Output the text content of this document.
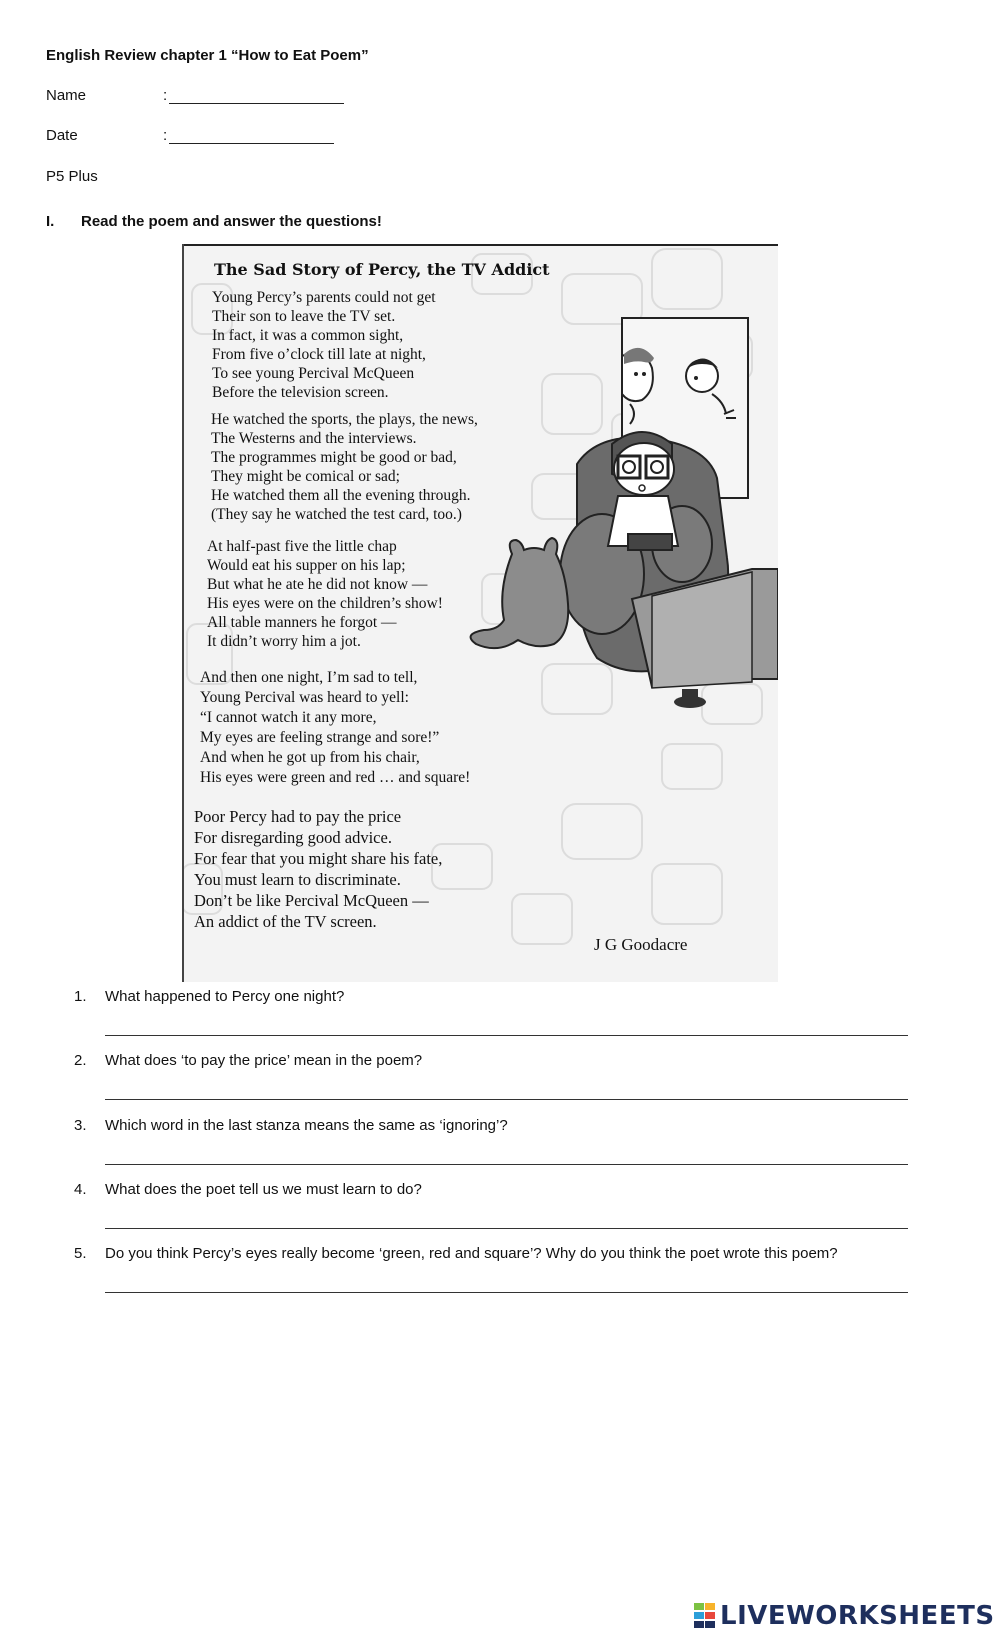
English Review chapter 1 “How to Eat Poem”
Name	:
Date	:
P5 Plus
I. Read the poem and answer the questions!
The Sad Story of Percy, the TV Addict
Young Percy’s parents could not get
Their son to leave the TV set.
In fact, it was a common sight,
From five o’clock till late at night,
To see young Percival McQueen
Before the television screen.
He watched the sports, the plays, the news,
The Westerns and the interviews.
The programmes might be good or bad,
They might be comical or sad;
He watched them all the evening through.
(They say he watched the test card, too.)
At half-past five the little chap
Would eat his supper on his lap;
But what he ate he did not know —
His eyes were on the children’s show!
All table manners he forgot —
It didn’t worry him a jot.
And then one night, I’m sad to tell,
Young Percival was heard to yell:
“I cannot watch it any more,
My eyes are feeling strange and sore!”
And when he got up from his chair,
His eyes were green and red … and square!
Poor Percy had to pay the price
For disregarding good advice.
For fear that you might share his fate,
You must learn to discriminate.
Don’t be like Percival McQueen —
An addict of the TV screen.
J G Goodacre
1. What happened to Percy one night?
2. What does ‘to pay the price’ mean in the poem?
3. Which word in the last stanza means the same as ‘ignoring’?
4. What does the poet tell us we must learn to do?
5. Do you think Percy’s eyes really become ‘green, red and square’? Why do you think the poet wrote this poem?
LIVEWORKSHEETS
